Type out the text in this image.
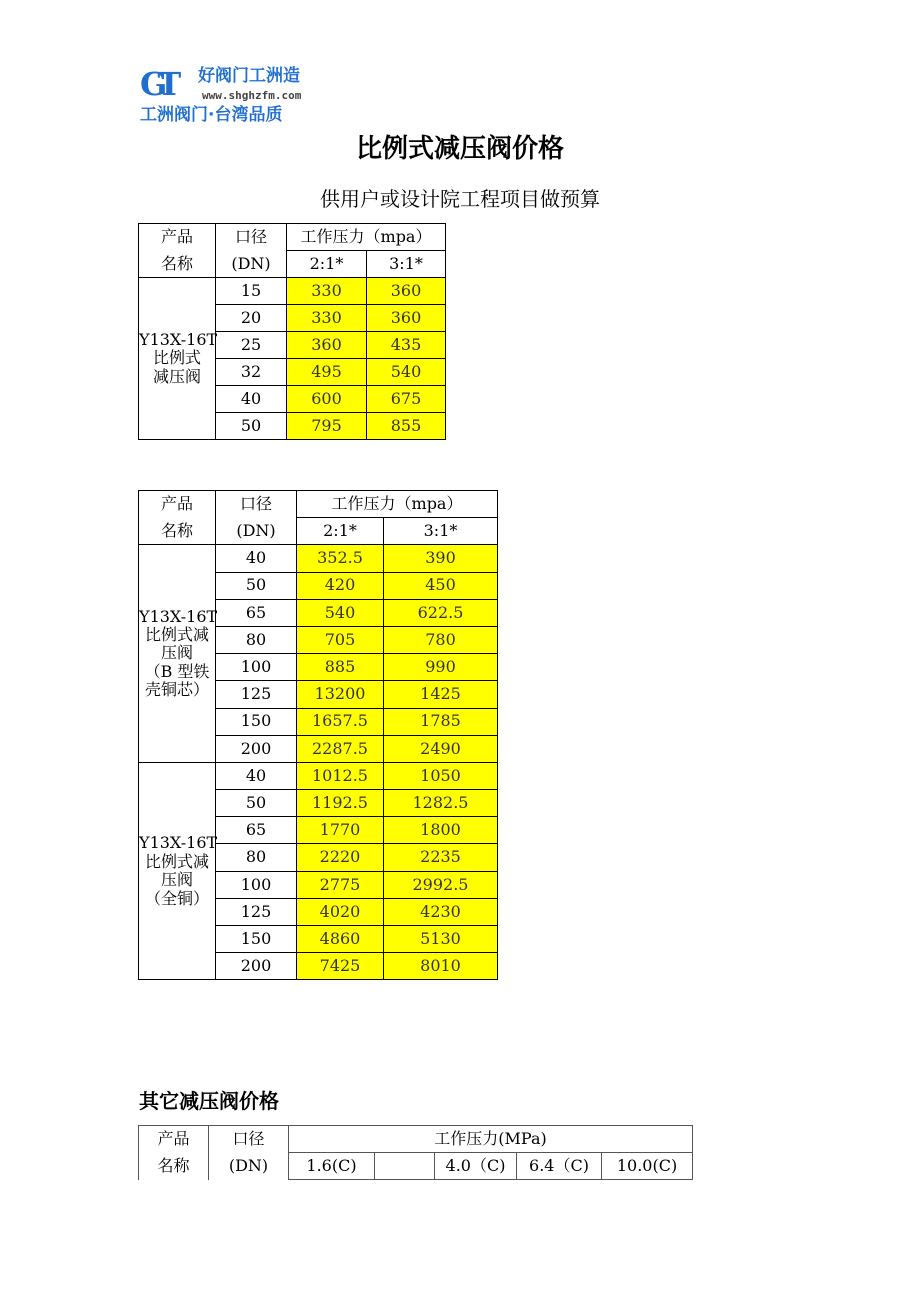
GT 好阀门工洲造
www.shghzfm.com
工洲阀门·台湾品质
比例式减压阀价格
供用户或设计院工程项目做预算
产品	口径	工作压力（mpa）	
名称	(DN)	2:1*	3:1*

Y13X-16T
比例式
减压阀	15	330	360
	20	330	360
	25	360	435
	32	495	540
	40	600	675
	50	795	855
产品	口径	工作压力（mpa）	
名称	(DN)	2:1*	3:1*

Y13X-16T
比例式减
压阀
（B 型铁
壳铜芯）	40	352.5	390
	50	420	450
	65	540	622.5
	80	705	780
	100	885	990
	125	13200	1425
	150	1657.5	1785
	200	2287.5	2490

Y13X-16T
比例式减
压阀
（全铜）	40	1012.5	1050
	50	1192.5	1282.5
	65	1770	1800
	80	2220	2235
	100	2775	2992.5
	125	4020	4230
	150	4860	5130
	200	7425	8010
其它减压阀价格
产品	口径	工作压力(MPa)				
名称	(DN)	1.6(C)		4.0（C)	6.4（C)	10.0(C)
